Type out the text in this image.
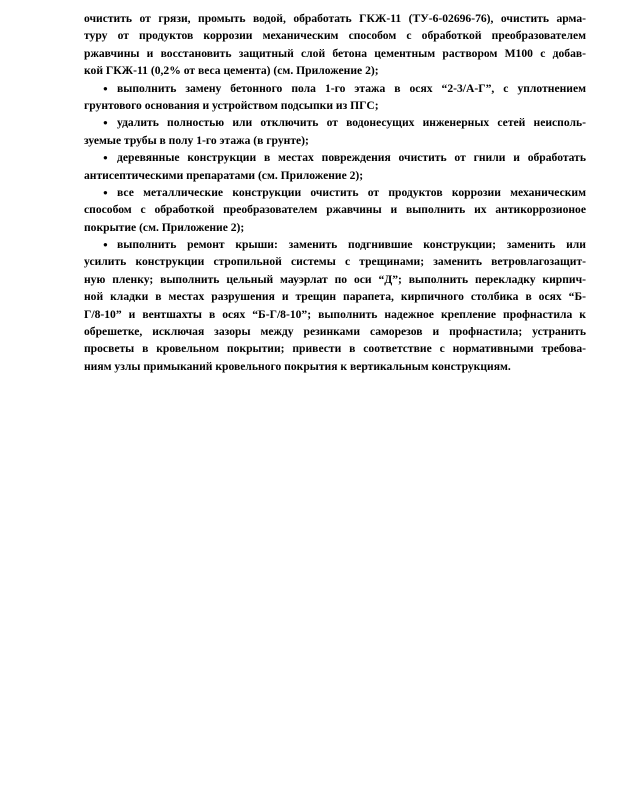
очистить от грязи, промыть водой, обработать ГКЖ-11 (ТУ-6-02696-76), очистить арма-
туру от продуктов коррозии механическим способом с обработкой преобразователем
ржавчины и восстановить защитный слой бетона цементным раствором М100 с добав-
кой ГКЖ-11 (0,2% от веса цемента) (см. Приложение 2);
● выполнить замену бетонного пола 1-го этажа в осях “2-3/А-Г”, с уплотнением
грунтового основания и устройством подсыпки из ПГС;
● удалить полностью или отключить от водонесущих инженерных сетей неисполь-
зуемые трубы в полу 1-го этажа (в грунте);
● деревянные конструкции в местах повреждения очистить от гнили и обработать
антисептическими препаратами (см. Приложение 2);
● все металлические конструкции очистить от продуктов коррозии механическим
способом с обработкой преобразователем ржавчины и выполнить их антикоррозионое
покрытие (см. Приложение 2);
● выполнить ремонт крыши: заменить подгнившие конструкции; заменить или
усилить конструкции стропильной системы с трещинами; заменить ветровлагозащит-
ную пленку; выполнить цельный мауэрлат по оси “Д”; выполнить перекладку кирпич-
ной кладки в местах разрушения и трещин парапета, кирпичного столбика в осях “Б-
Г/8-10” и вентшахты в осях “Б-Г/8-10”; выполнить надежное крепление профнастила к
обрешетке, исключая зазоры между резинками саморезов и профнастила; устранить
просветы в кровельном покрытии; привести в соответствие с нормативными требова-
ниям узлы примыканий кровельного покрытия к вертикальным конструкциям.
